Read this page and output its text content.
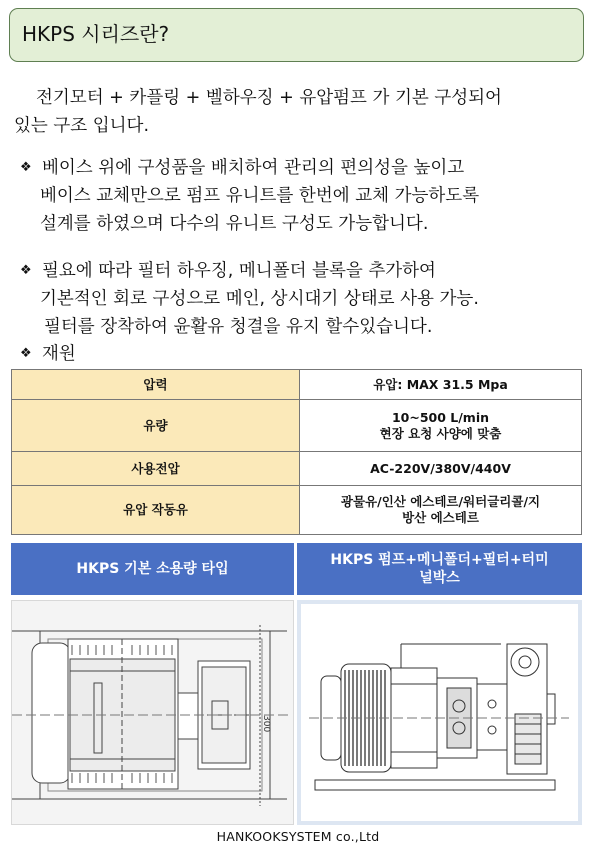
HKPS 시리즈란?
전기모터 + 카플링 + 벨하우징 + 유압펌프 가 기본 구성되어
있는 구조 입니다.
❖ 베이스 위에 구성품을 배치하여 관리의 편의성을 높이고
베이스 교체만으로 펌프 유니트를 한번에 교체 가능하도록
설계를 하였으며 다수의 유니트 구성도 가능합니다.
❖ 필요에 따라 필터 하우징, 메니폴더 블록을 추가하여
기본적인 회로 구성으로 메인, 상시대기 상태로 사용 가능.
필터를 장착하여 윤활유 청결을 유지 할수있습니다.
❖ 재원
압력	유압: MAX 31.5 Mpa
유량	10~500 L/min
현장 요청 사양에 맞춤

사용전압	AC-220V/380V/440V
유압 작동유	광물유/인산 에스테르/워터글리콜/지
방산 에스테르
HKPS 기본 소용량 타입
HKPS 펌프+메니폴더+필터+터미
널박스
300
HANKOOKSYSTEM co.,Ltd
